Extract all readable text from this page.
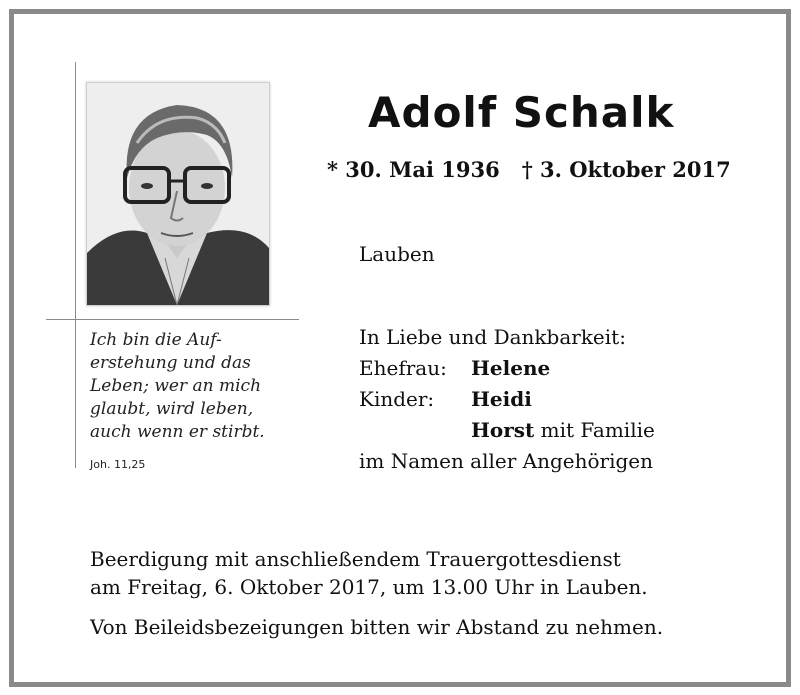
Adolf Schalk
* 30. Mai 1936 † 3. Oktober 2017
Lauben
Ich bin die Auf-
erstehung und das
Leben; wer an mich
glaubt, wird leben,
auch wenn er stirbt.
Joh. 11,25
In Liebe und Dankbarkeit:
Ehefrau: Helene
Kinder: Heidi
Horst mit Familie
im Namen aller Angehörigen
Beerdigung mit anschließendem Trauergottesdienst
am Freitag, 6. Oktober 2017, um 13.00 Uhr in Lauben.
Von Beileidsbezeigungen bitten wir Abstand zu nehmen.
